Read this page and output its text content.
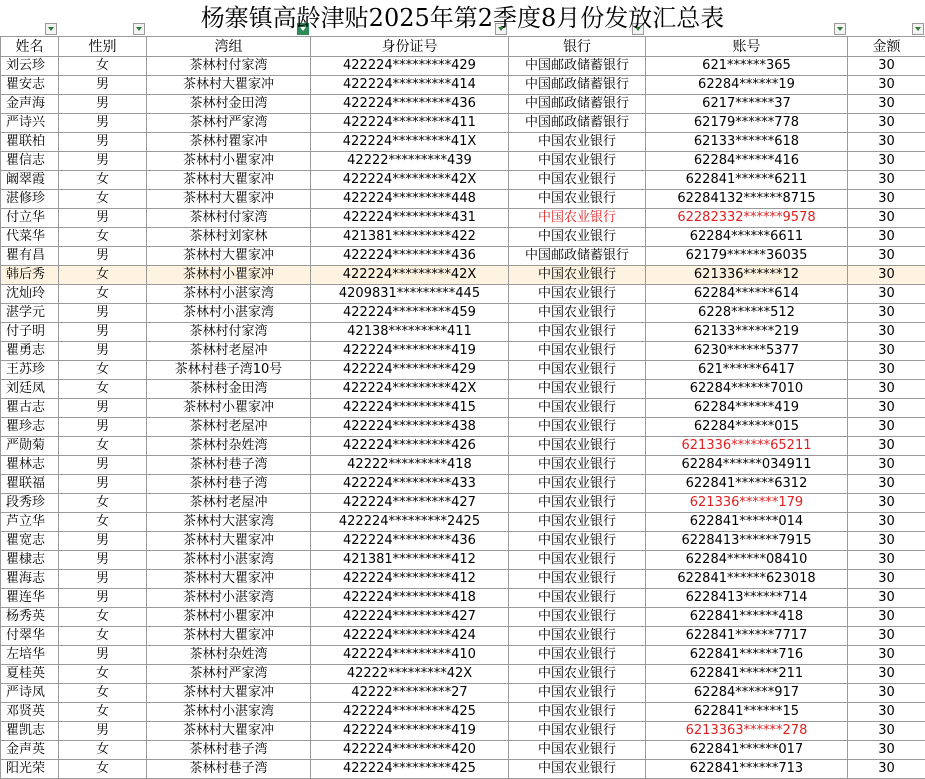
姓名	性别	湾组	身份证号	银行	账号	金额
刘云珍	女	茶林村付家湾	422224*********429	中国邮政储蓄银行	621******365	30
瞿安志	男	茶林村大瞿家冲	422224*********414	中国邮政储蓄银行	62284******19	30
金声海	男	茶林村金田湾	422224*********436	中国邮政储蓄银行	6217******37	30
严诗兴	男	茶林村严家湾	422224*********411	中国邮政储蓄银行	62179******778	30
瞿联柏	男	茶林村瞿家冲	422224*********41X	中国农业银行	62133******618	30
瞿信志	男	茶林村小瞿家冲	42222*********439	中国农业银行	62284******416	30
阚翠霞	女	茶林村大瞿家冲	422224*********42X	中国农业银行	622841******6211	30
湛修珍	女	茶林村大瞿家冲	422224*********448	中国农业银行	62284132******8715	30
付立华	男	茶林村付家湾	422224*********431	中国农业银行	62282332******9578	30
代菜华	女	茶林村刘家林	421381*********422	中国农业银行	62284******6611	30
瞿有昌	男	茶林村大瞿家冲	422224*********436	中国邮政储蓄银行	62179******36035	30
韩后秀	女	茶林村小瞿家冲	422224*********42X	中国农业银行	621336******12	30
沈灿玲	女	茶林村小湛家湾	4209831*********445	中国农业银行	62284******614	30
湛学元	男	茶林村小湛家湾	422224*********459	中国农业银行	6228******512	30
付子明	男	茶林村付家湾	42138*********411	中国农业银行	62133******219	30
瞿勇志	男	茶林村老屋冲	422224*********419	中国农业银行	6230******5377	30
王苏珍	女	茶林村巷子湾10号	422224*********429	中国农业银行	621******6417	30
刘廷凤	女	茶林村金田湾	422224*********42X	中国农业银行	62284******7010	30
瞿古志	男	茶林村小瞿家冲	422224*********415	中国农业银行	62284******419	30
瞿珍志	男	茶林村老屋冲	422224*********438	中国农业银行	62284******015	30
严勋菊	女	茶林村杂姓湾	422224*********426	中国农业银行	621336******65211	30
瞿林志	男	茶林村巷子湾	42222*********418	中国农业银行	62284******034911	30
瞿联福	男	茶林村巷子湾	422224*********433	中国农业银行	622841******6312	30
段秀珍	女	茶林村老屋冲	422224*********427	中国农业银行	621336******179	30
芦立华	女	茶林村大湛家湾	422224*********2425	中国农业银行	622841******014	30
瞿宽志	男	茶林村大瞿家冲	422224*********436	中国农业银行	6228413******7915	30
瞿棣志	男	茶林村小湛家湾	421381*********412	中国农业银行	62284******08410	30
瞿海志	男	茶林村大瞿家冲	422224*********412	中国农业银行	622841******623018	30
瞿连华	男	茶林村小湛家湾	422224*********418	中国农业银行	6228413******714	30
杨秀英	女	茶林村小瞿家冲	422224*********427	中国农业银行	622841******418	30
付翠华	女	茶林村大瞿家冲	422224*********424	中国农业银行	622841******7717	30
左培华	男	茶林村杂姓湾	422224*********410	中国农业银行	622841******716	30
夏桂英	女	茶林村严家湾	42222*********42X	中国农业银行	622841******211	30
严诗凤	女	茶林村大瞿家冲	42222*********27	中国农业银行	62284******917	30
邓贤英	女	茶林村小湛家湾	422224*********425	中国农业银行	622841******15	30
瞿凯志	男	茶林村大瞿家冲	422224*********419	中国农业银行	6213363******278	30
金声英	女	茶林村巷子湾	422224*********420	中国农业银行	622841******017	30
阳光荣	女	茶林村巷子湾	422224*********425	中国农业银行	622841******713	30
杨寨镇高龄津贴2025年第2季度8月份发放汇总表
